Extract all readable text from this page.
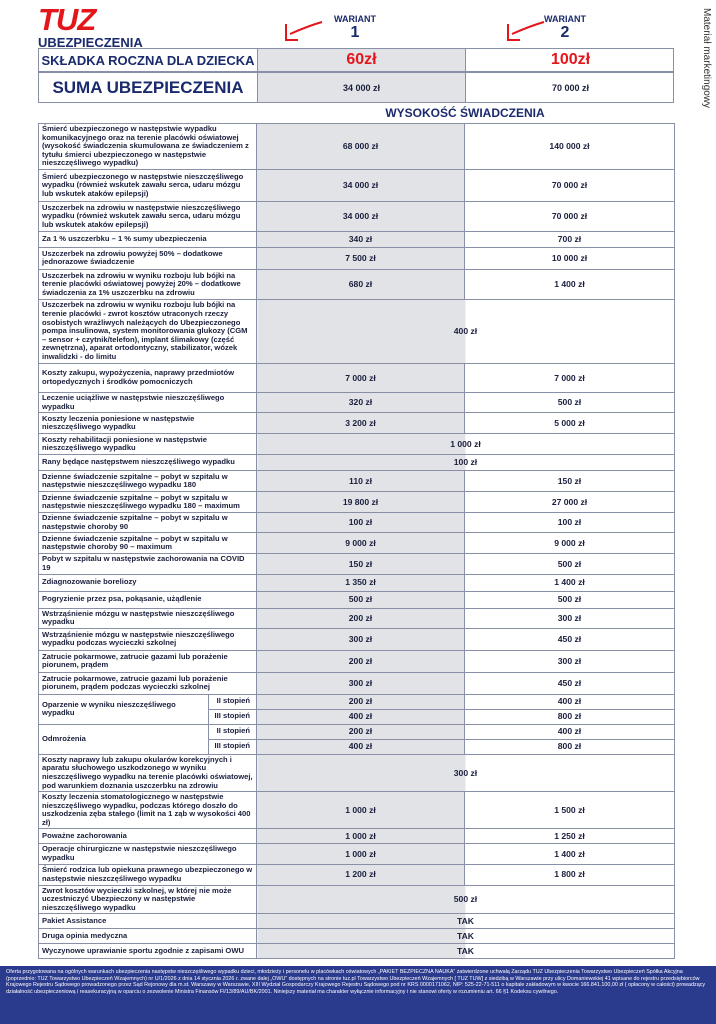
TUZ
UBEZPIECZENIA	Materiał marketingowy
WARIANT
1
WARIANT
2
SKŁADKA ROCZNA DLA DZIECKA	60zł	100zł
SUMA UBEZPIECZENIA	34 000 zł	70 000 zł
WYSOKOŚĆ ŚWIADCZENIA
Śmierć ubezpieczonego w następstwie wypadku komunikacyjnego oraz na terenie placówki oświatowej (wysokość świadczenia skumulowana ze świadczeniem z tytułu śmierci ubezpieczonego w następstwie nieszczęśliwego wypadku)		68 000 zł	140 000 zł
Śmierć ubezpieczonego w następstwie nieszczęśliwego wypadku (również wskutek zawału serca, udaru mózgu lub wskutek ataków epilepsji)		34 000 zł	70 000 zł
Uszczerbek na zdrowiu w następstwie nieszczęśliwego wypadku (również wskutek zawału serca, udaru mózgu lub wskutek ataków epilepsji)		34 000 zł	70 000 zł
Za 1 % uszczerbku – 1 % sumy ubezpieczenia		340 zł	700 zł
Uszczerbek na zdrowiu powyżej 50% – dodatkowe jednorazowe świadczenie		7 500 zł	10 000 zł
Uszczerbek na zdrowiu w wyniku rozboju lub bójki na terenie placówki oświatowej powyżej 20% – dodatkowe świadczenia za 1% uszczerbku na zdrowiu		680 zł	1 400 zł
Uszczerbek na zdrowiu w wyniku rozboju lub bójki na terenie placówki - zwrot kosztów utraconych rzeczy osobistych wrażliwych należących do Ubezpieczonego pompa insulinowa, system monitorowania glukozy (CGM – sensor + czytnik/telefon), implant ślimakowy (część zewnętrzna), aparat ortodontyczny, stabilizator, wózek inwalidzki - do limitu		400 zł	
Koszty zakupu, wypożyczenia, naprawy przedmiotów ortopedycznych i środków pomocniczych		7 000 zł	7 000 zł
Leczenie uciążliwe w następstwie nieszczęśliwego wypadku		320 zł	500 zł
Koszty leczenia poniesione w następstwie nieszczęśliwego wypadku		3 200 zł	5 000 zł
Koszty rehabilitacji poniesione w następstwie nieszczęśliwego wypadku		1 000 zł	
Rany będące następstwem nieszczęśliwego wypadku		100 zł	
Dzienne świadczenie szpitalne – pobyt w szpitalu w następstwie nieszczęśliwego wypadku 180		110 zł	150 zł
Dzienne świadczenie szpitalne – pobyt w szpitalu w następstwie nieszczęśliwego wypadku 180 – maximum		19 800 zł	27 000 zł
Dzienne świadczenie szpitalne – pobyt w szpitalu w następstwie choroby 90		100 zł	100 zł
Dzienne świadczenie szpitalne – pobyt w szpitalu w następstwie choroby 90 – maximum		9 000 zł	9 000 zł
Pobyt w szpitalu w następstwie zachorowania na COVID 19		150 zł	500 zł
Zdiagnozowanie boreliozy		1 350 zł	1 400 zł
Pogryzienie przez psa, pokąsanie, użądlenie		500 zł	500 zł
Wstrząśnienie mózgu w następstwie nieszczęśliwego wypadku		200 zł	300 zł
Wstrząśnienie mózgu w następstwie nieszczęśliwego wypadku podczas wycieczki szkolnej		300 zł	450 zł
Zatrucie pokarmowe, zatrucie gazami lub porażenie piorunem, prądem		200 zł	300 zł
Zatrucie pokarmowe, zatrucie gazami lub porażenie piorunem, prądem podczas wycieczki szkolnej		300 zł	450 zł
Oparzenie w wyniku nieszczęśliwego wypadku	II stopień	200 zł	400 zł
	III stopień	400 zł	800 zł
Odmrożenia	II stopień	200 zł	400 zł
	III stopień	400 zł	800 zł
Koszty naprawy lub zakupu okularów korekcyjnych i aparatu słuchowego uszkodzonego w wyniku nieszczęśliwego wypadku na terenie placówki oświatowej, pod warunkiem doznania uszczerbku na zdrowiu		300 zł	
Koszty leczenia stomatologicznego w następstwie nieszczęśliwego wypadku, podczas którego doszło do uszkodzenia zęba stałego (limit na 1 ząb w wysokości 400 zł)		1 000 zł	1 500 zł
Poważne zachorowania		1 000 zł	1 250 zł
Operacje chirurgiczne w następstwie nieszczęśliwego wypadku		1 000 zł	1 400 zł
Śmierć rodzica lub opiekuna prawnego ubezpieczonego w następstwie nieszczęśliwego wypadku		1 200 zł	1 800 zł
Zwrot kosztów wycieczki szkolnej, w której nie może uczestniczyć Ubezpieczony w następstwie nieszczęśliwego wypadku		500 zł	
Pakiet Assistance		TAK	
Druga opinia medyczna		TAK	
Wyczynowe uprawianie sportu zgodnie z zapisami OWU		TAK	
Oferta przygotowana na ogólnych warunkach ubezpieczenia następstw nieszczęśliwego wypadku dzieci, młodzieży i personelu w placówkach oświatowych „PAKIET BEZPIECZNA NAUKA” zatwierdzone uchwałą Zarządu TUZ Ubezpieczenia Towarzystwo Ubezpieczeń Spółka Akcyjna (poprzednio: TUZ Towarzystwo Ubezpieczeń Wzajemnych) nr U/1/2026 z dnia 14 stycznia 2026 r. zwane dalej „OWU” dostępnych na stronie tuz.pl Towarzystwo Ubezpieczeń Wzajemnych [ TUZ TUW] z siedzibą w Warszawie przy ulicy Domaniewskiej 41 wpisane do rejestru przedsiębiorców Krajowego Rejestru Sądowego prowadzonego przez Sąd Rejonowy dla m.st. Warszawy w Warszawie, XIII Wydział Gospodarczy Krajowego Rejestru Sądowego pod nr KRS 0000171062, NIP: 525-22-71-511 o kapitale zakładowym w kwocie 166.841.100,00 zł ( opłacony w całości) prowadzący działalność ubezpieczeniową i reasekuracyjną w oparciu o zezwolenie Ministra Finansów Fl/13/89/AU/BK/2001. Niniejszy materiał ma charakter wyłącznie informacyjny i nie stanowi oferty w rozumieniu art. 66 §1 Kodeksu cywilnego.
